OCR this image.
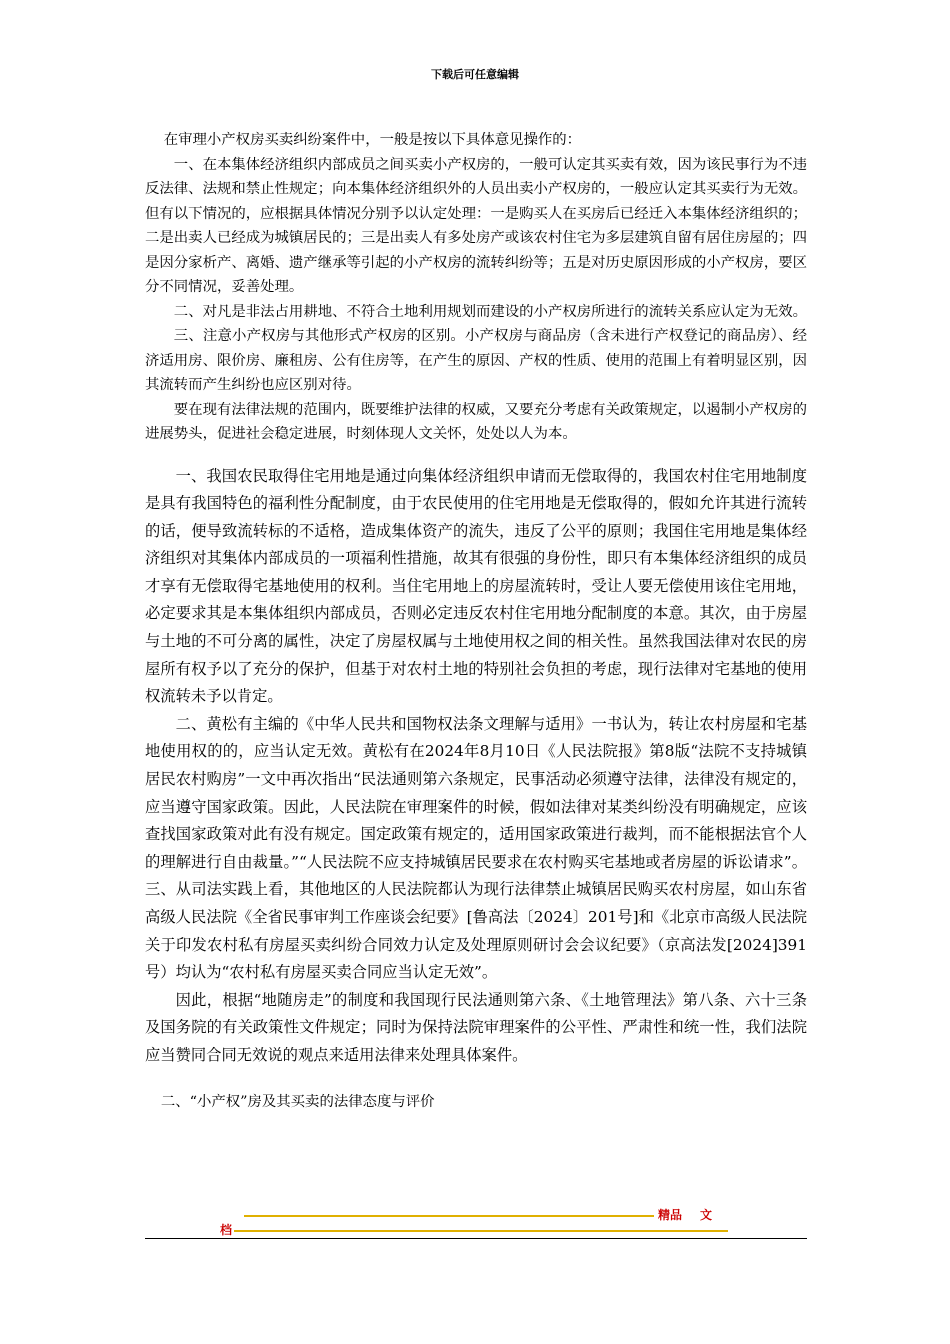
下载后可任意编辑

在审理小产权房买卖纠纷案件中，一般是按以下具体意见操作的：

一、在本集体经济组织内部成员之间买卖小产权房的，一般可认定其买卖有效，因为该民事行为不违反法律、法规和禁止性规定；向本集体经济组织外的人员出卖小产权房的，一般应认定其买卖行为无效。但有以下情况的，应根据具体情况分别予以认定处理：一是购买人在买房后已经迁入本集体经济组织的；二是出卖人已经成为城镇居民的；三是出卖人有多处房产或该农村住宅为多层建筑自留有居住房屋的；四是因分家析产、离婚、遗产继承等引起的小产权房的流转纠纷等；五是对历史原因形成的小产权房，要区分不同情况，妥善处理。

二、对凡是非法占用耕地、不符合土地利用规划而建设的小产权房所进行的流转关系应认定为无效。

三、注意小产权房与其他形式产权房的区别。小产权房与商品房（含未进行产权登记的商品房）、经济适用房、限价房、廉租房、公有住房等，在产生的原因、产权的性质、使用的范围上有着明显区别，因其流转而产生纠纷也应区别对待。

要在现有法律法规的范围内，既要维护法律的权威，又要充分考虑有关政策规定，以遏制小产权房的进展势头，促进社会稳定进展，时刻体现人文关怀，处处以人为本。

一、我国农民取得住宅用地是通过向集体经济组织申请而无偿取得的，我国农村住宅用地制度是具有我国特色的福利性分配制度，由于农民使用的住宅用地是无偿取得的，假如允许其进行流转的话，便导致流转标的不适格，造成集体资产的流失，违反了公平的原则；我国住宅用地是集体经济组织对其集体内部成员的一项福利性措施，故其有很强的身份性，即只有本集体经济组织的成员才享有无偿取得宅基地使用的权利。当住宅用地上的房屋流转时，受让人要无偿使用该住宅用地，必定要求其是本集体组织内部成员，否则必定违反农村住宅用地分配制度的本意。其次，由于房屋与土地的不可分离的属性，决定了房屋权属与土地使用权之间的相关性。虽然我国法律对农民的房屋所有权予以了充分的保护，但基于对农村土地的特别社会负担的考虑，现行法律对宅基地的使用权流转未予以肯定。

二、黄松有主编的《中华人民共和国物权法条文理解与适用》一书认为，转让农村房屋和宅基地使用权的的，应当认定无效。黄松有在2024年8月10日《人民法院报》第8版“法院不支持城镇居民农村购房”一文中再次指出“民法通则第六条规定，民事活动必须遵守法律，法律没有规定的，应当遵守国家政策。因此，人民法院在审理案件的时候，假如法律对某类纠纷没有明确规定，应该查找国家政策对此有没有规定。国定政策有规定的，适用国家政策进行裁判，而不能根据法官个人的理解进行自由裁量。”“人民法院不应支持城镇居民要求在农村购买宅基地或者房屋的诉讼请求”。三、从司法实践上看，其他地区的人民法院都认为现行法律禁止城镇居民购买农村房屋，如山东省高级人民法院《全省民事审判工作座谈会纪要》[鲁高法〔2024〕201号]和《北京市高级人民法院关于印发农村私有房屋买卖纠纷合同效力认定及处理原则研讨会会议纪要》（京高法发[2024]391号）均认为“农村私有房屋买卖合同应当认定无效”。

因此，根据“地随房走”的制度和我国现行民法通则第六条、《土地管理法》第八条、六十三条及国务院的有关政策性文件规定；同时为保持法院审理案件的公平性、严肃性和统一性，我们法院应当赞同合同无效说的观点来适用法律来处理具体案件。

二、“小产权”房及其买卖的法律态度与评价
精品 文
档
